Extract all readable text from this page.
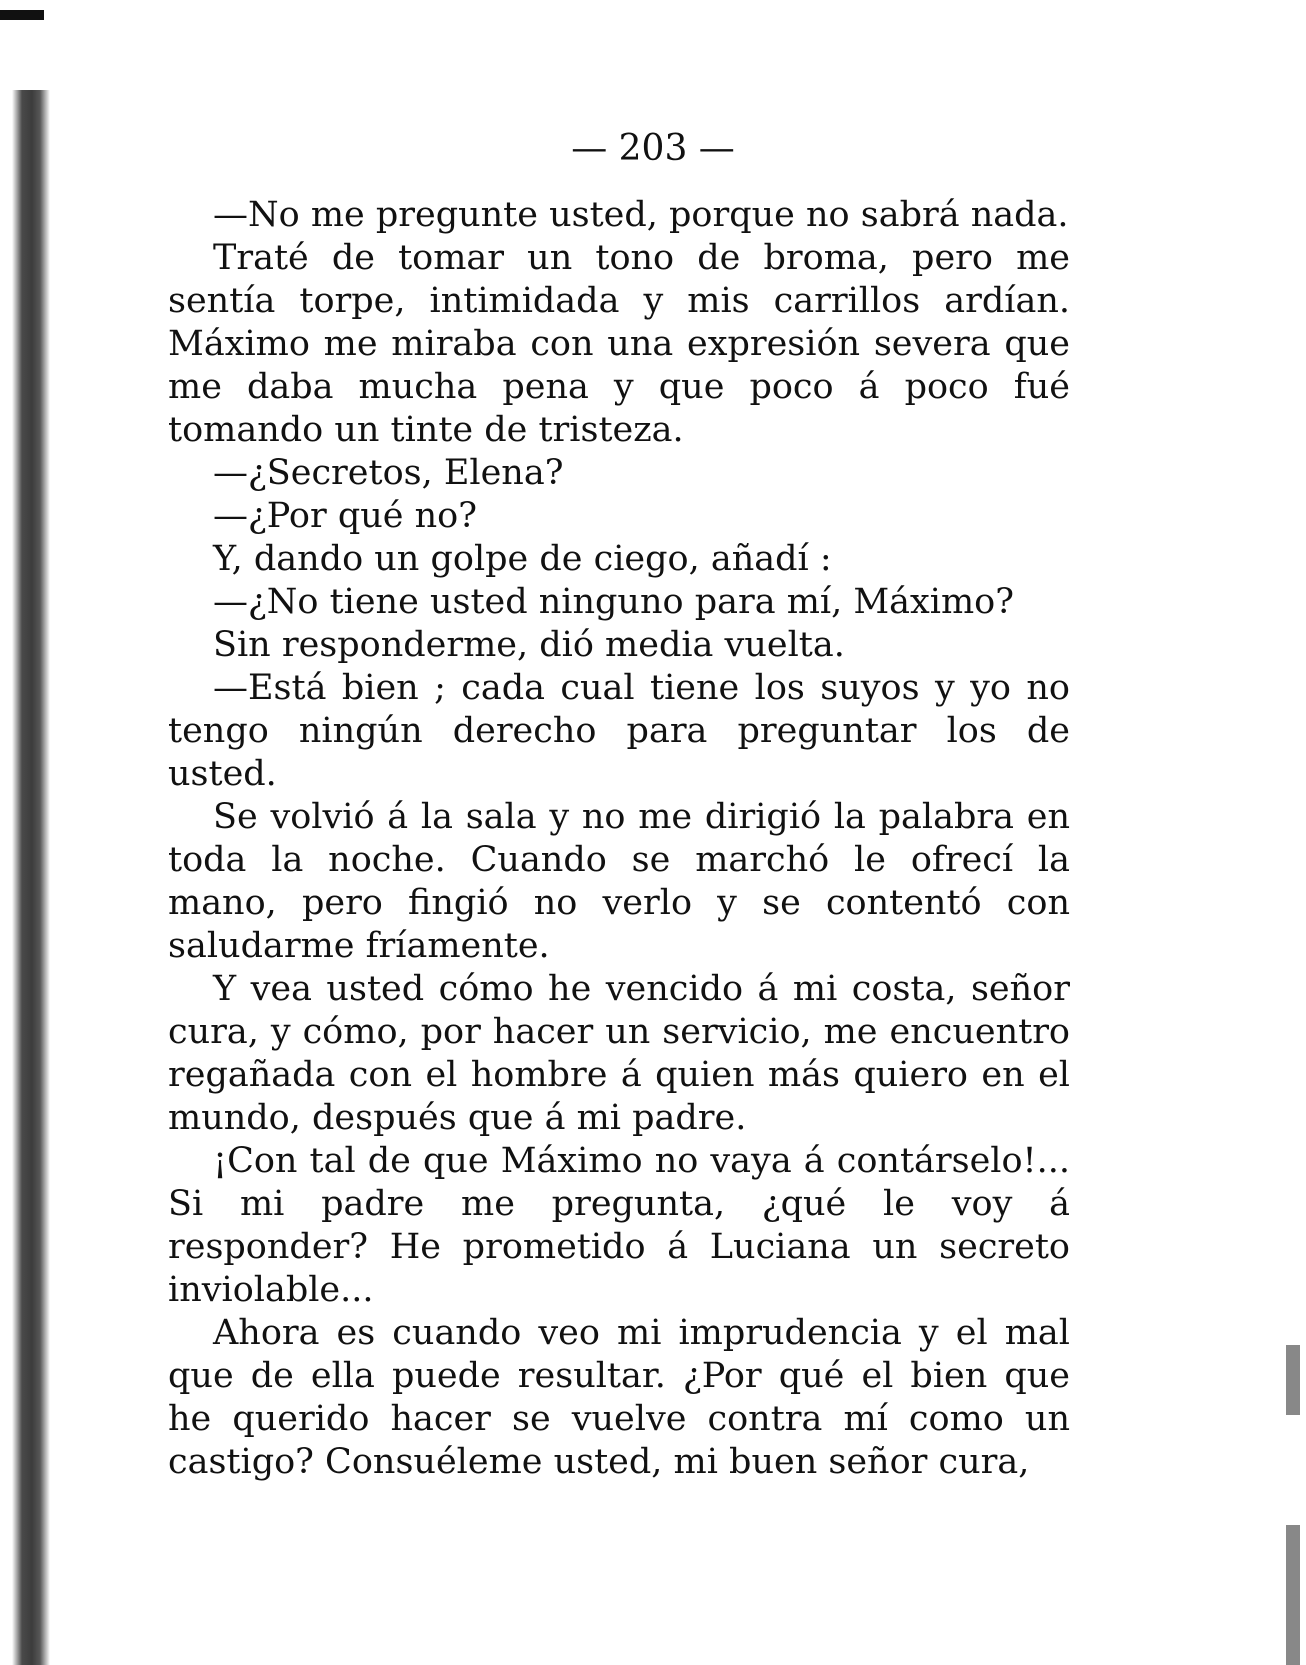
— 203 —

—No me pregunte usted, porque no sabrá nada.

Traté de tomar un tono de broma, pero me sentía torpe, intimidada y mis carrillos ardían. Máximo me miraba con una expresión severa que me daba mucha pena y que poco á poco fué tomando un tinte de tristeza.

—¿Secretos, Elena?

—¿Por qué no?

Y, dando un golpe de ciego, añadí :

—¿No tiene usted ninguno para mí, Máximo?

Sin responderme, dió media vuelta.

—Está bien ; cada cual tiene los suyos y yo no tengo ningún derecho para preguntar los de usted.

Se volvió á la sala y no me dirigió la palabra en toda la noche. Cuando se marchó le ofrecí la mano, pero fingió no verlo y se contentó con saludarme fríamente.

Y vea usted cómo he vencido á mi costa, señor cura, y cómo, por hacer un servicio, me encuentro regañada con el hombre á quien más quiero en el mundo, después que á mi padre.

¡Con tal de que Máximo no vaya á contárselo!... Si mi padre me pregunta, ¿qué le voy á responder? He prometido á Luciana un secreto inviolable...

Ahora es cuando veo mi imprudencia y el mal que de ella puede resultar. ¿Por qué el bien que he querido hacer se vuelve contra mí como un castigo? Consuéleme usted, mi buen señor cura,
